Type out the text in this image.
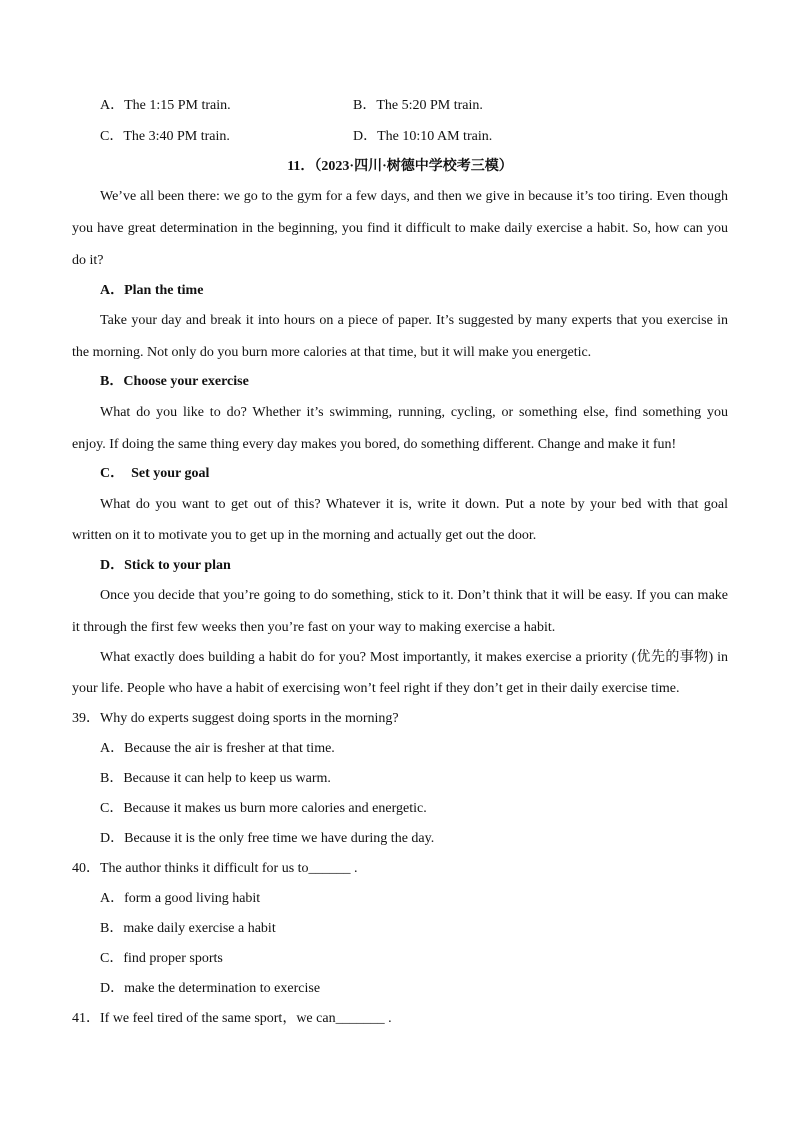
A．The 1:15 PM train.	B．The 5:20 PM train.
C．The 3:40 PM train.	D．The 10:10 AM train.
11．（2023·四川·树德中学校考三模）
We’ve all been there: we go to the gym for a few days, and then we give in because it’s too tiring. Even though
you have great determination in the beginning, you find it difficult to make daily exercise a habit. So, how can you
do it?
A．Plan the time
Take your day and break it into hours on a piece of paper. It’s suggested by many experts that you exercise in
the morning. Not only do you burn more calories at that time, but it will make you energetic.
B．Choose your exercise
What do you like to do? Whether it’s swimming, running, cycling, or something else, find something you
enjoy. If doing the same thing every day makes you bored, do something different. Change and make it fun!
C．  Set your goal
What do you want to get out of this? Whatever it is, write it down. Put a note by your bed with that goal
written on it to motivate you to get up in the morning and actually get out the door.
D．Stick to your plan
Once you decide that you’re going to do something, stick to it. Don’t think that it will be easy. If you can make
it through the first few weeks then you’re fast on your way to making exercise a habit.
What exactly does building a habit do for you? Most importantly, it makes exercise a priority (优先的事物) in
your life. People who have a habit of exercising won’t feel right if they don’t get in their daily exercise time.
39．Why do experts suggest doing sports in the morning?
A．Because the air is fresher at that time.
B．Because it can help to keep us warm.
C．Because it makes us burn more calories and energetic.
D．Because it is the only free time we have during the day.
40．The author thinks it difficult for us to______ .
A．form a good living habit
B．make daily exercise a habit
C．find proper sports
D．make the determination to exercise
41．If we feel tired of the same sport，we can_______ .
